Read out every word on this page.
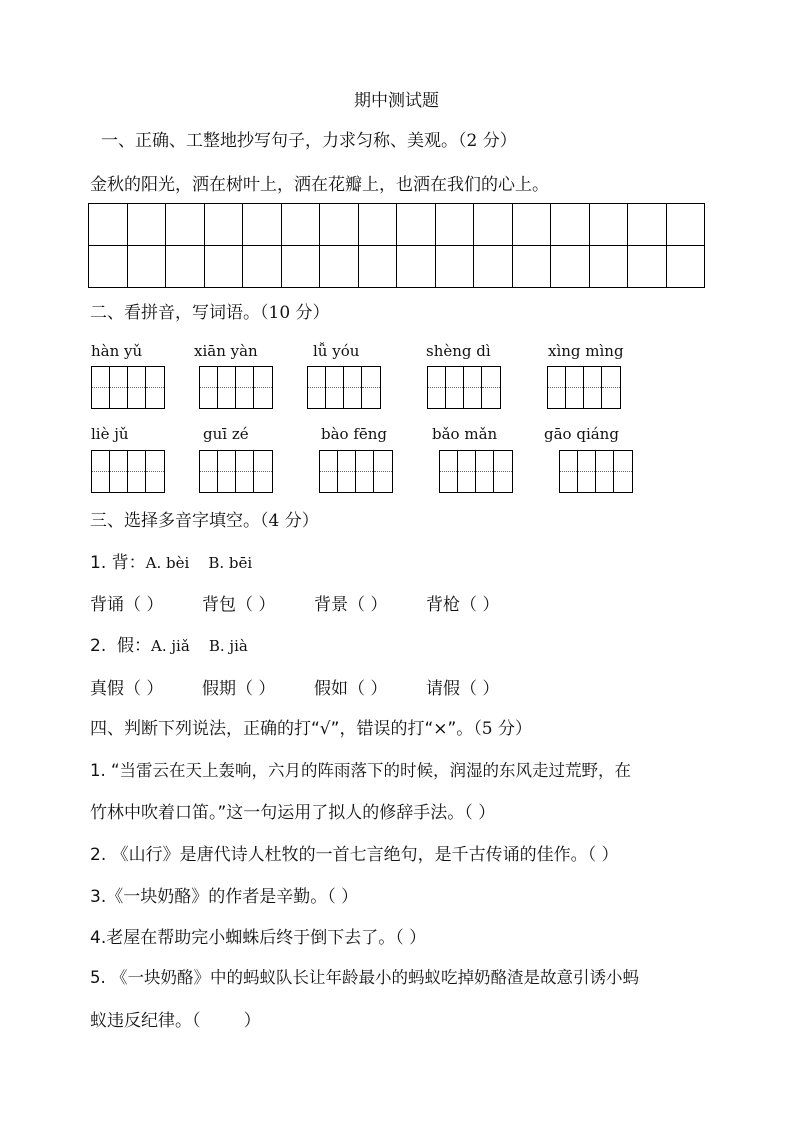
期中测试题
一、正确、工整地抄写句子，力求匀称、美观。（2 分）
金秋的阳光，洒在树叶上，洒在花瓣上，也洒在我们的心上。

二、看拼音，写词语。（10 分）
hàn yǔ	xiān yàn	lǚ yóu	shèng dì	xìng mìng
liè jǔ	guī zé	bào fēng	bǎo mǎn	gāo qiáng
三、选择多音字填空。（4 分）
1. 背：A. bèi    B. bēi
背诵（ ） 背包（ ） 背景（ ） 背枪（ ）
2.  假：A. jiǎ    B. jià
真假（ ） 假期（ ） 假如（ ） 请假（ ）
四、判断下列说法，正确的打“√”，错误的打“×”。（5 分）
1. “当雷云在天上轰响，六月的阵雨落下的时候，润湿的东风走过荒野，在
竹林中吹着口笛。”这一句运用了拟人的修辞手法。（ ）
2. 《山行》是唐代诗人杜牧的一首七言绝句，是千古传诵的佳作。（ ）
3.《一块奶酪》的作者是辛勤。（ ）
4.老屋在帮助完小蜘蛛后终于倒下去了。（ ）
5. 《一块奶酪》中的蚂蚁队长让年龄最小的蚂蚁吃掉奶酪渣是故意引诱小蚂
蚁违反纪律。（        ）
